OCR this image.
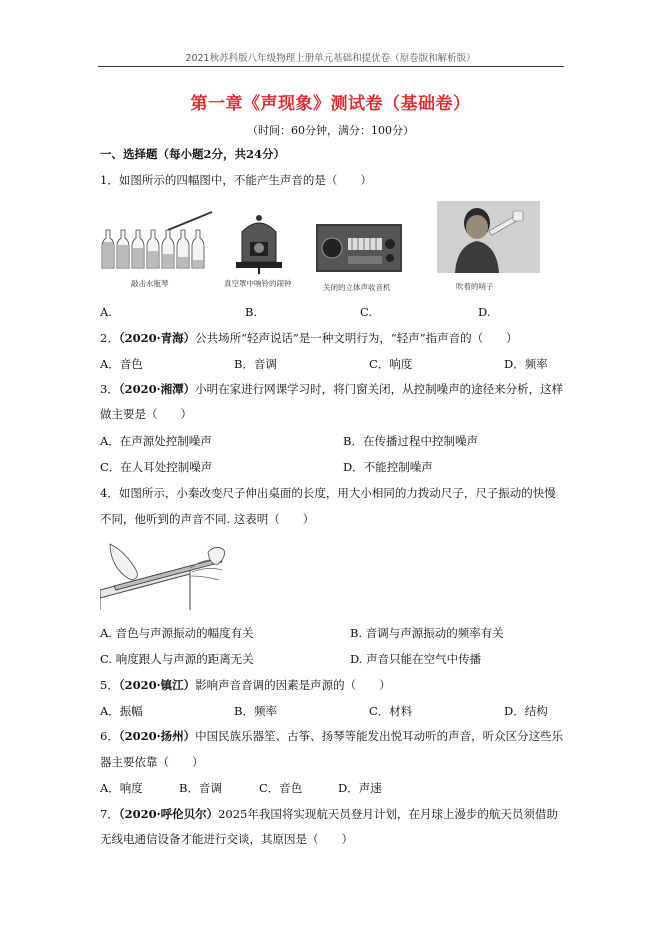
2021秋苏科版八年级物理上册单元基础和提优卷（原卷版和解析版）
第一章《声现象》测试卷（基础卷）
（时间：60分钟，满分：100分）
一、选择题（每小题2分，共24分）
1．如图所示的四幅图中，不能产生声音的是（　　）
敲击水瓶琴	真空罩中响铃的闹钟	关闭的立体声收音机	吹着的哨子
A.	B.	C.	D.
2．（2020·青海）公共场所“轻声说话”是一种文明行为，“轻声”指声音的（　　）
A．音色	B．音调	C．响度	D．频率
3．（2020·湘潭）小明在家进行网课学习时，将门窗关闭，从控制噪声的途径来分析，这样
做主要是（　　）
A．在声源处控制噪声	B．在传播过程中控制噪声
C．在人耳处控制噪声	D．不能控制噪声
4．如图所示，小秦改变尺子伸出桌面的长度，用大小相同的力拨动尺子，尺子振动的快慢
不同，他听到的声音不同. 这表明（　　）
A. 音色与声源振动的幅度有关	B. 音调与声源振动的频率有关
C. 响度跟人与声源的距离无关	D. 声音只能在空气中传播
5．（2020·镇江）影响声音音调的因素是声源的（　　）
A．振幅	B．频率	C．材料	D．结构
6．（2020·扬州）中国民族乐器笙、古筝、扬琴等能发出悦耳动听的声音，听众区分这些乐
器主要依靠（　　）
A．响度	B．音调	C．音色	D．声速
7．（2020·呼伦贝尔）2025年我国将实现航天员登月计划，在月球上漫步的航天员须借助
无线电通信设备才能进行交谈，其原因是（　　）
